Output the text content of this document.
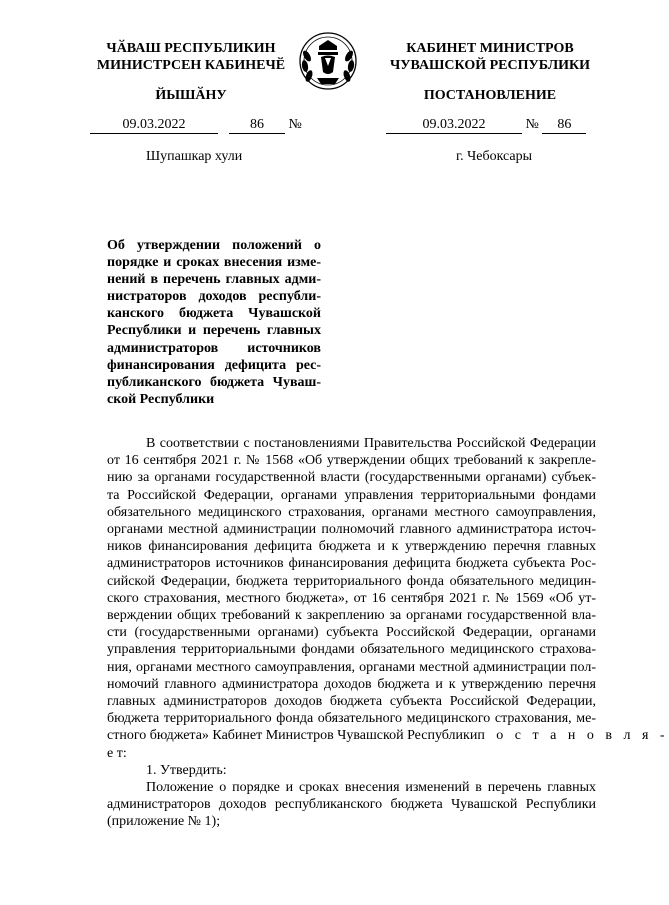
ЧӐВАШ РЕСПУБЛИКИН
МИНИСТРСЕН КАБИНЕЧӖ
ЙЫШӐНУ
КАБИНЕТ МИНИСТРОВ
ЧУВАШСКОЙ РЕСПУБЛИКИ
ПОСТАНОВЛЕНИЕ
09.03.2022	86 №	09.03.2022	№ 86
Шупашкар хули	г. Чебоксары
Об утверждении положений о
порядке и сроках внесения изме-
нений в перечень главных адми-
нистраторов доходов республи-
канского бюджета Чувашской
Республики и перечень главных
администраторов источников
финансирования дефицита рес-
публиканского бюджета Чуваш-
ской Республики
В соответствии с постановлениями Правительства Российской Федерации
от 16 сентября 2021 г. № 1568 «Об утверждении общих требований к закрепле-
нию за органами государственной власти (государственными органами) субъек-
та Российской Федерации, органами управления территориальными фондами
обязательного медицинского страхования, органами местного самоуправления,
органами местной администрации полномочий главного администратора источ-
ников финансирования дефицита бюджета и к утверждению перечня главных
администраторов источников финансирования дефицита бюджета субъекта Рос-
сийской Федерации, бюджета территориального фонда обязательного медицин-
ского страхования, местного бюджета», от 16 сентября 2021 г. № 1569 «Об ут-
верждении общих требований к закреплению за органами государственной вла-
сти (государственными органами) субъекта Российской Федерации, органами
управления территориальными фондами обязательного медицинского страхова-
ния, органами местного самоуправления, органами местной администрации пол-
номочий главного администратора доходов бюджета и к утверждению перечня
главных администраторов доходов бюджета субъекта Российской Федерации,
бюджета территориального фонда обязательного медицинского страхования, ме-
стного бюджета» Кабинет Министров Чувашской Республики п о с т а н о в л я -
е т:
1. Утвердить:
Положение о порядке и сроках внесения изменений в перечень главных
администраторов доходов республиканского бюджета Чувашской Республики
(приложение № 1);
